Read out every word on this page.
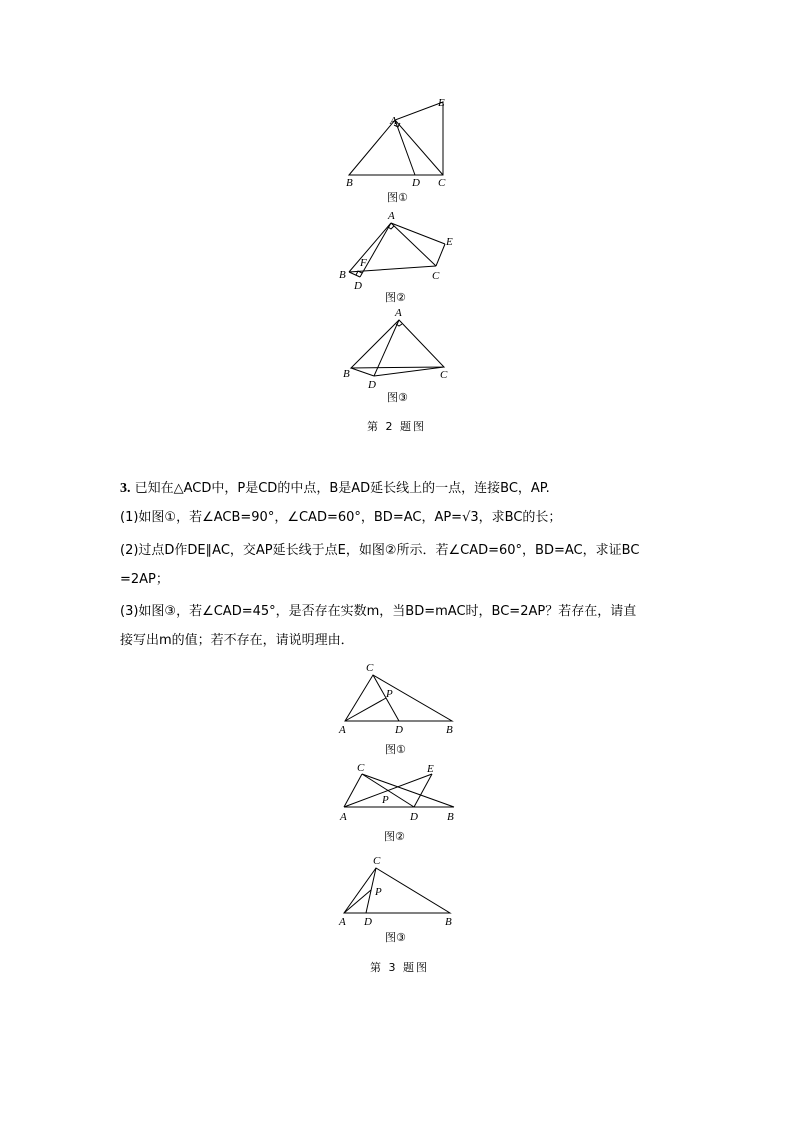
A
E
B	D C
图①
A
E
F
B
D
C
图②
A
B
D
C
图③
第 2 题图
3. 已知在△ACD中，P是CD的中点，B是AD延长线上的一点，连接BC，AP.
(1)如图①，若∠ACB=90°，∠CAD=60°，BD=AC，AP=√3，求BC的长；
(2)过点D作DE∥AC，交AP延长线于点E，如图②所示．若∠CAD=60°，BD=AC，求证BC
=2AP；
(3)如图③，若∠CAD=45°，是否存在实数m，当BD=mAC时，BC=2AP？若存在，请直
接写出m的值；若不存在，请说明理由．
C
P
A	D	B
图①
C	E
P
A	D	B
图②
C
P
A D	B
图③
第 3 题图
